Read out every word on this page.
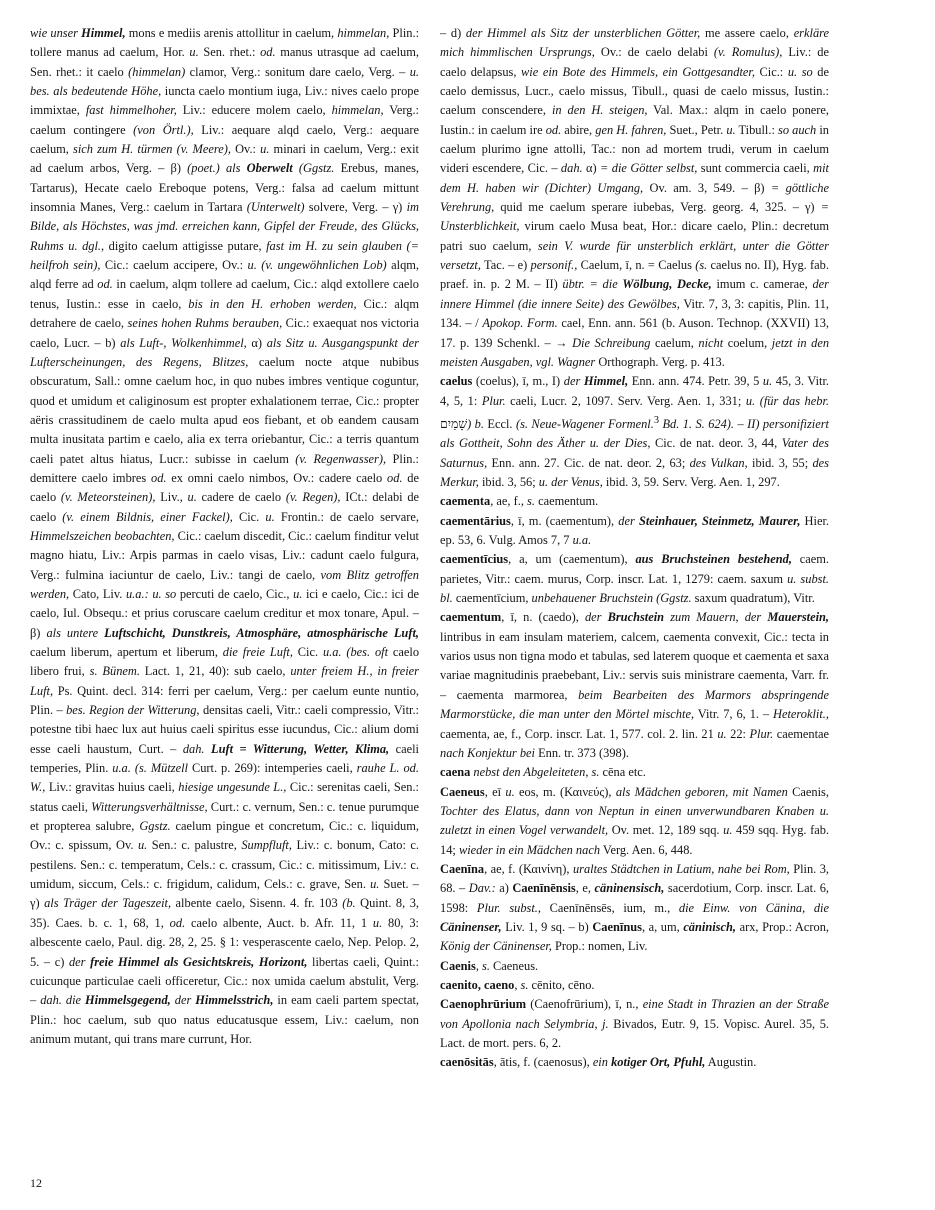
wie unser Himmel, mons e mediis arenis attollitur in caelum, himmelan, Plin.: tollere manus ad caelum, Hor. u. Sen. rhet.: od. manus utrasque ad caelum, Sen. rhet.: it caelo (himmelan) clamor, Verg.: sonitum dare caelo, Verg. – u. bes. als bedeutende Höhe, iuncta caelo montium iuga, Liv.: nives caelo prope immixtae, fast himmelhoher, Liv.: educere molem caelo, himmelan, Verg.: caelum contingere (von Örtl.), Liv.: aequare alqd caelo, Verg.: aequare caelum, sich zum H. türmen (v. Meere), Ov.: u. minari in caelum, Verg.: exit ad caelum arbos, Verg. – β) (poet.) als Oberwelt (Ggstz. Erebus, manes, Tartarus), Hecate caelo Ereboque potens, Verg.: falsa ad caelum mittunt insomnia Manes, Verg.: caelum in Tartara (Unterwelt) solvere, Verg. – γ) im Bilde, als Höchstes, was jmd. erreichen kann, Gipfel der Freude, des Glücks, Ruhms u. dgl., digito caelum attigisse putare, fast im H. zu sein glauben (= heilfroh sein), Cic.: caelum accipere, Ov.: u. (v. ungewöhnlichen Lob) alqm, alqd ferre ad od. in caelum, alqm tollere ad caelum, Cic.: alqd extollere caelo tenus, Iustin.: esse in caelo, bis in den H. erhoben werden, Cic.: alqm detrahere de caelo, seines hohen Ruhms berauben, Cic.: exaequat nos victoria caelo, Lucr. – b) als Luft-, Wolkenhimmel, α) als Sitz u. Ausgangspunkt der Lufterscheinungen, des Regens, Blitzes, caelum nocte atque nubibus obscuratum, Sall.: omne caelum hoc, in quo nubes imbres ventique coguntur, quod et umidum et caliginosum est propter exhalationem terrae, Cic.: propter aëris crassitudinem de caelo multa apud eos fiebant, et ob eandem causam multa inusitata partim e caelo, alia ex terra oriebantur, Cic.: a terris quantum caeli patet altus hiatus, Lucr.: subisse in caelum (v. Regenwasser), Plin.: demittere caelo imbres od. ex omni caelo nimbos, Ov.: cadere caelo od. de caelo (v. Meteorsteinen), Liv., u. cadere de caelo (v. Regen), ICt.: delabi de caelo (v. einem Bildnis, einer Fackel), Cic. u. Frontin.: de caelo servare, Himmelszeichen beobachten, Cic.: caelum discedit, Cic.: caelum finditur velut magno hiatu, Liv.: Arpis parmas in caelo visas, Liv.: cadunt caelo fulgura, Verg.: fulmina iaciuntur de caelo, Liv.: tangi de caelo, vom Blitz getroffen werden, Cato, Liv. u.a.: u. so percuti de caelo, Cic., u. ici e caelo, Cic.: ici de caelo, Iul. Obsequ.: et prius coruscare caelum creditur et mox tonare, Apul. – β) als untere Luftschicht, Dunstkreis, Atmosphäre, atmosphärische Luft, caelum liberum, apertum et liberum, die freie Luft, Cic. u.a. (bes. oft caelo libero frui, s. Bünem. Lact. 1, 21, 40): sub caelo, unter freiem H., in freier Luft, Ps. Quint. decl. 314: ferri per caelum, Verg.: per caelum eunte nuntio, Plin. – bes. Region der Witterung, densitas caeli, Vitr.: caeli compressio, Vitr.: potestne tibi haec lux aut huius caeli spiritus esse iucundus, Cic.: alium domi esse caeli haustum, Curt. – dah. Luft = Witterung, Wetter, Klima, caeli temperies, Plin. u.a. (s. Mützell Curt. p. 269): intemperies caeli, rauhe L. od. W., Liv.: gravitas huius caeli, hiesige ungesunde L., Cic.: serenitas caeli, Sen.: status caeli, Witterungsverhältnisse, Curt.: c. vernum, Sen.: c. tenue purumque et propterea salubre, Ggstz. caelum pingue et concretum, Cic.: c. liquidum, Ov.: c. spissum, Ov. u. Sen.: c. palustre, Sumpfluft, Liv.: c. bonum, Cato: c. pestilens. Sen.: c. temperatum, Cels.: c. crassum, Cic.: c. mitissimum, Liv.: c. umidum, siccum, Cels.: c. frigidum, calidum, Cels.: c. grave, Sen. u. Suet. – γ) als Träger der Tageszeit, albente caelo, Sisenn. 4. fr. 103 (b. Quint. 8, 3, 35). Caes. b. c. 1, 68, 1, od. caelo albente, Auct. b. Afr. 11, 1 u. 80, 3: albescente caelo, Paul. dig. 28, 2, 25. § 1: vesperascente caelo, Nep. Pelop. 2, 5. – c) der freie Himmel als Gesichtskreis, Horizont, libertas caeli, Quint.: cuicunque particulae caeli officeretur, Cic.: nox umida caelum abstulit, Verg. – dah. die Himmelsgegend, der Himmelsstrich, in eam caeli partem spectat, Plin.: hoc caelum, sub quo natus educatusque essem, Liv.: caelum, non animum mutant, qui trans mare currunt, Hor.

– d) der Himmel als Sitz der unsterblichen Götter, me assere caelo, erkläre mich himmlischen Ursprungs, Ov.: de caelo delabi (v. Romulus), Liv.: de caelo delapsus, wie ein Bote des Himmels, ein Gottgesandter, Cic.: u. so de caelo demissus, Lucr., caelo missus, Tibull., quasi de caelo missus, Iustin.: caelum conscendere, in den H. steigen, Val. Max.: alqm in caelo ponere, Iustin.: in caelum ire od. abire, gen H. fahren, Suet., Petr. u. Tibull.: so auch in caelum plurimo igne attolli, Tac.: non ad mortem trudi, verum in caelum videri escendere, Cic. – dah. α) = die Götter selbst, sunt commercia caeli, mit dem H. haben wir (Dichter) Umgang, Ov. am. 3, 549. – β) = göttliche Verehrung, quid me caelum sperare iubebas, Verg. georg. 4, 325. – γ) = Unsterblichkeit, virum caelo Musa beat, Hor.: dicare caelo, Plin.: decretum patri suo caelum, sein V. wurde für unsterblich erklärt, unter die Götter versetzt, Tac. – e) personif., Caelum, ī, n. = Caelus (s. caelus no. II), Hyg. fab. praef. in. p. 2 M. – II) übtr. = die Wölbung, Decke, imum c. camerae, der innere Himmel (die innere Seite) des Gewölbes, Vitr. 7, 3, 3: capitis, Plin. 11, 134. – / Apokop. Form. cael, Enn. ann. 561 (b. Auson. Technop. (XXVII) 13, 17. p. 139 Schenkl. – → Die Schreibung caelum, nicht coelum, jetzt in den meisten Ausgaben, vgl. Wagner Orthograph. Verg. p. 413.

caelus (coelus), ī, m., I) der Himmel, Enn. ann. 474. Petr. 39, 5 u. 45, 3. Vitr. 4, 5, 1: Plur. caeli, Lucr. 2, 1097. Serv. Verg. Aen. 1, 331; u. (für das hebr. שָׁמַיִם) b. Eccl. (s. Neue-Wagener Formenl.$^3$ Bd. 1. S. 624). – II) personifiziert als Gottheit, Sohn des Äther u. der Dies, Cic. de nat. deor. 3, 44, Vater des Saturnus, Enn. ann. 27. Cic. de nat. deor. 2, 63; des Vulkan, ibid. 3, 55; des Merkur, ibid. 3, 56; u. der Venus, ibid. 3, 59. Serv. Verg. Aen. 1, 297.

caementa, ae, f., s. caementum.

caementārius, ī, m. (caementum), der Steinhauer, Steinmetz, Maurer, Hier. ep. 53, 6. Vulg. Amos 7, 7 u.a.

caementīcius, a, um (caementum), aus Bruchsteinen bestehend, caem. parietes, Vitr.: caem. murus, Corp. inscr. Lat. 1, 1279: caem. saxum u. subst. bl. caementīcium, unbehauener Bruchstein (Ggstz. saxum quadratum), Vitr.

caementum, ī, n. (caedo), der Bruchstein zum Mauern, der Mauerstein, lintribus in eam insulam materiem, calcem, caementa convexit, Cic.: tecta in varios usus non tigna modo et tabulas, sed laterem quoque et caementa et saxa variae magnitudinis praebebant, Liv.: servis suis ministrare caementa, Varr. fr. – caementa marmorea, beim Bearbeiten des Marmors abspringende Marmorstücke, die man unter den Mörtel mischte, Vitr. 7, 6, 1. – Heteroklit., caementa, ae, f., Corp. inscr. Lat. 1, 577. col. 2. lin. 21 u. 22: Plur. caementae nach Konjektur bei Enn. tr. 373 (398).

caena nebst den Abgeleiteten, s. cēna etc.

Caeneus, eī u. eos, m. (Καινεύς), als Mädchen geboren, mit Namen Caenis, Tochter des Elatus, dann von Neptun in einen unverwundbaren Knaben u. zuletzt in einen Vogel verwandelt, Ov. met. 12, 189 sqq. u. 459 sqq. Hyg. fab. 14; wieder in ein Mädchen nach Verg. Aen. 6, 448.

Caenīna, ae, f. (Καινίνη), uraltes Städtchen in Latium, nahe bei Rom, Plin. 3, 68. – Dav.: a) Caenīnēnsis, e, cäninensisch, sacerdotium, Corp. inscr. Lat. 6, 1598: Plur. subst., Caenīnēnsēs, ium, m., die Einw. von Cänina, die Cäninenser, Liv. 1, 9 sq. – b) Caenīnus, a, um, cäninisch, arx, Prop.: Acron, König der Cäninenser, Prop.: nomen, Liv.

Caenis, s. Caeneus.

caenito, caeno, s. cēnito, cēno.

Caenophrūrium (Caenofrūrium), ī, n., eine Stadt in Thrazien an der Straße von Apollonia nach Selymbria, j. Bivados, Eutr. 9, 15. Vopisc. Aurel. 35, 5. Lact. de mort. pers. 6, 2.

caenōsitās, ātis, f. (caenosus), ein kotiger Ort, Pfuhl, Augustin.

12
